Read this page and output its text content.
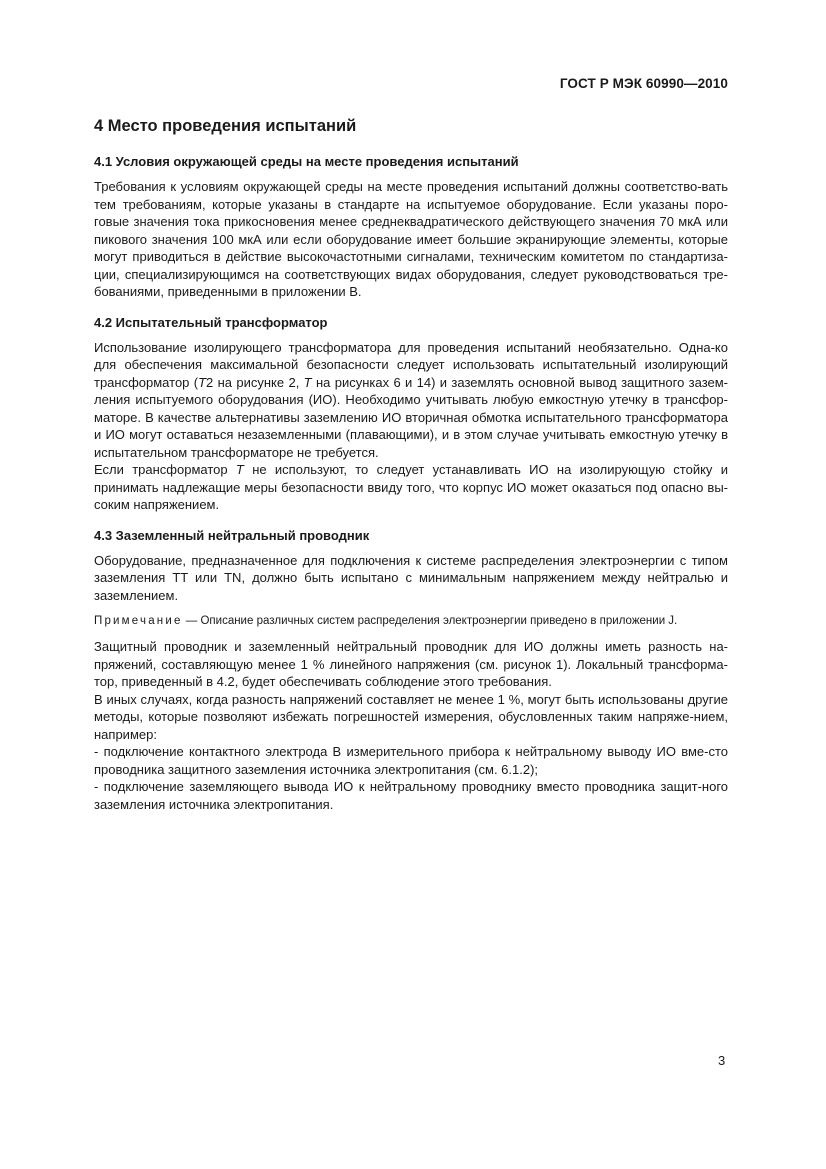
ГОСТ Р МЭК 60990—2010
4 Место проведения испытаний
4.1 Условия окружающей среды на месте проведения испытаний

Требования к условиям окружающей среды на месте проведения испытаний должны соответство-вать тем требованиям, которые указаны в стандарте на испытуемое оборудование. Если указаны поро-говые значения тока прикосновения менее среднеквадратического действующего значения 70 мкА или пикового значения 100 мкА или если оборудование имеет большие экранирующие элементы, которые могут приводиться в действие высокочастотными сигналами, техническим комитетом по стандартиза-ции, специализирующимся на соответствующих видах оборудования, следует руководствоваться тре-бованиями, приведенными в приложении B.

4.2 Испытательный трансформатор

Использование изолирующего трансформатора для проведения испытаний необязательно. Одна-ко для обеспечения максимальной безопасности следует использовать испытательный изолирующий трансформатор (T2 на рисунке 2, T на рисунках 6 и 14) и заземлять основной вывод защитного зазем-ления испытуемого оборудования (ИО). Необходимо учитывать любую емкостную утечку в трансфор-маторе. В качестве альтернативы заземлению ИО вторичная обмотка испытательного трансформатора и ИО могут оставаться незаземленными (плавающими), и в этом случае учитывать емкостную утечку в испытательном трансформаторе не требуется.

Если трансформатор T не используют, то следует устанавливать ИО на изолирующую стойку и принимать надлежащие меры безопасности ввиду того, что корпус ИО может оказаться под опасно вы-соким напряжением.

4.3 Заземленный нейтральный проводник

Оборудование, предназначенное для подключения к системе распределения электроэнергии с типом заземления TT или TN, должно быть испытано с минимальным напряжением между нейтралью и заземлением.

Примечание — Описание различных систем распределения электроэнергии приведено в приложении J.

Защитный проводник и заземленный нейтральный проводник для ИО должны иметь разность на-пряжений, составляющую менее 1 % линейного напряжения (см. рисунок 1). Локальный трансформа-тор, приведенный в 4.2, будет обеспечивать соблюдение этого требования.

В иных случаях, когда разность напряжений составляет не менее 1 %, могут быть использованы другие методы, которые позволяют избежать погрешностей измерения, обусловленных таким напряже-нием, например:

- подключение контактного электрода B измерительного прибора к нейтральному выводу ИО вме-сто проводника защитного заземления источника электропитания (см. 6.1.2);

- подключение заземляющего вывода ИО к нейтральному проводнику вместо проводника защит-ного заземления источника электропитания.

3
